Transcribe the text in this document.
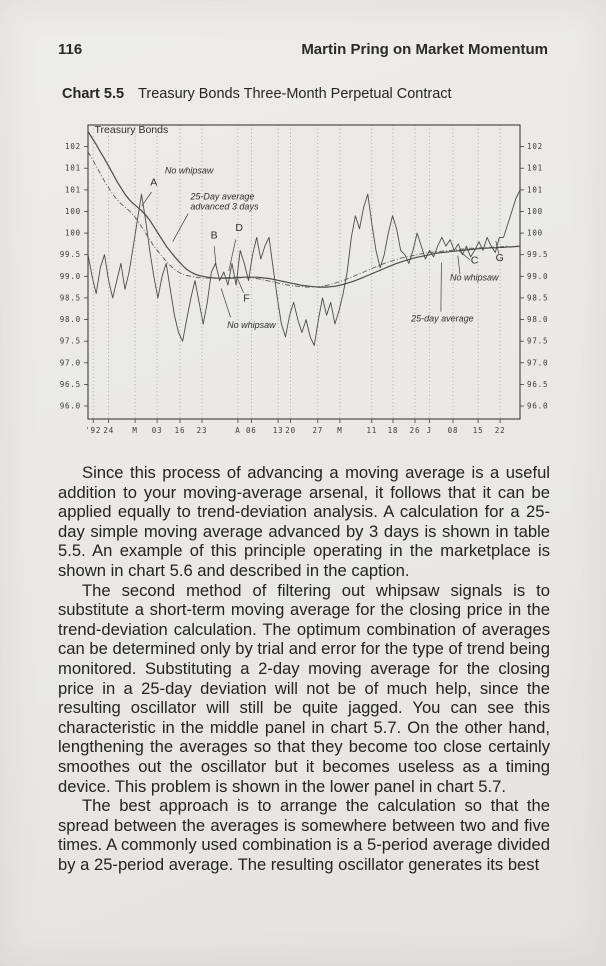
116	Martin Pring on Market Momentum
Chart 5.5 Treasury Bonds Three-Month Perpetual Contract
'92 24 M 03 16 23	A 06 13 20 27 M	11 18 26 J 08 15 22
102	102
101	101
101	101
100	100
100	100
99.5	99.5
99.0	99.0
98.5	98.5
98.0	98.0
97.5	97.5
97.0	97.0
96.5	96.5
96.0	96.0
Treasury Bonds
A
No whipsaw
25-Day average advanced 3 days
B
D
F
No whipsaw
25-day average
No whipsaw
C G

Since this process of advancing a moving average is a useful addition to your moving-average arsenal, it follows that it can be applied equally to trend-deviation analysis. A calculation for a 25-day simple moving average advanced by 3 days is shown in table 5.5. An example of this principle operating in the marketplace is shown in chart 5.6 and described in the caption.

The second method of filtering out whipsaw signals is to substitute a short-term moving average for the closing price in the trend-deviation calculation. The optimum combination of averages can be determined only by trial and error for the type of trend being monitored. Substituting a 2-day moving average for the closing price in a 25-day deviation will not be of much help, since the resulting oscillator will still be quite jagged. You can see this characteristic in the middle panel in chart 5.7. On the other hand, lengthening the averages so that they become too close certainly smoothes out the oscillator but it becomes useless as a timing device. This problem is shown in the lower panel in chart 5.7.

The best approach is to arrange the calculation so that the spread between the averages is somewhere between two and five times. A commonly used combination is a 5-period average divided by a 25-period average. The resulting oscillator generates its best
